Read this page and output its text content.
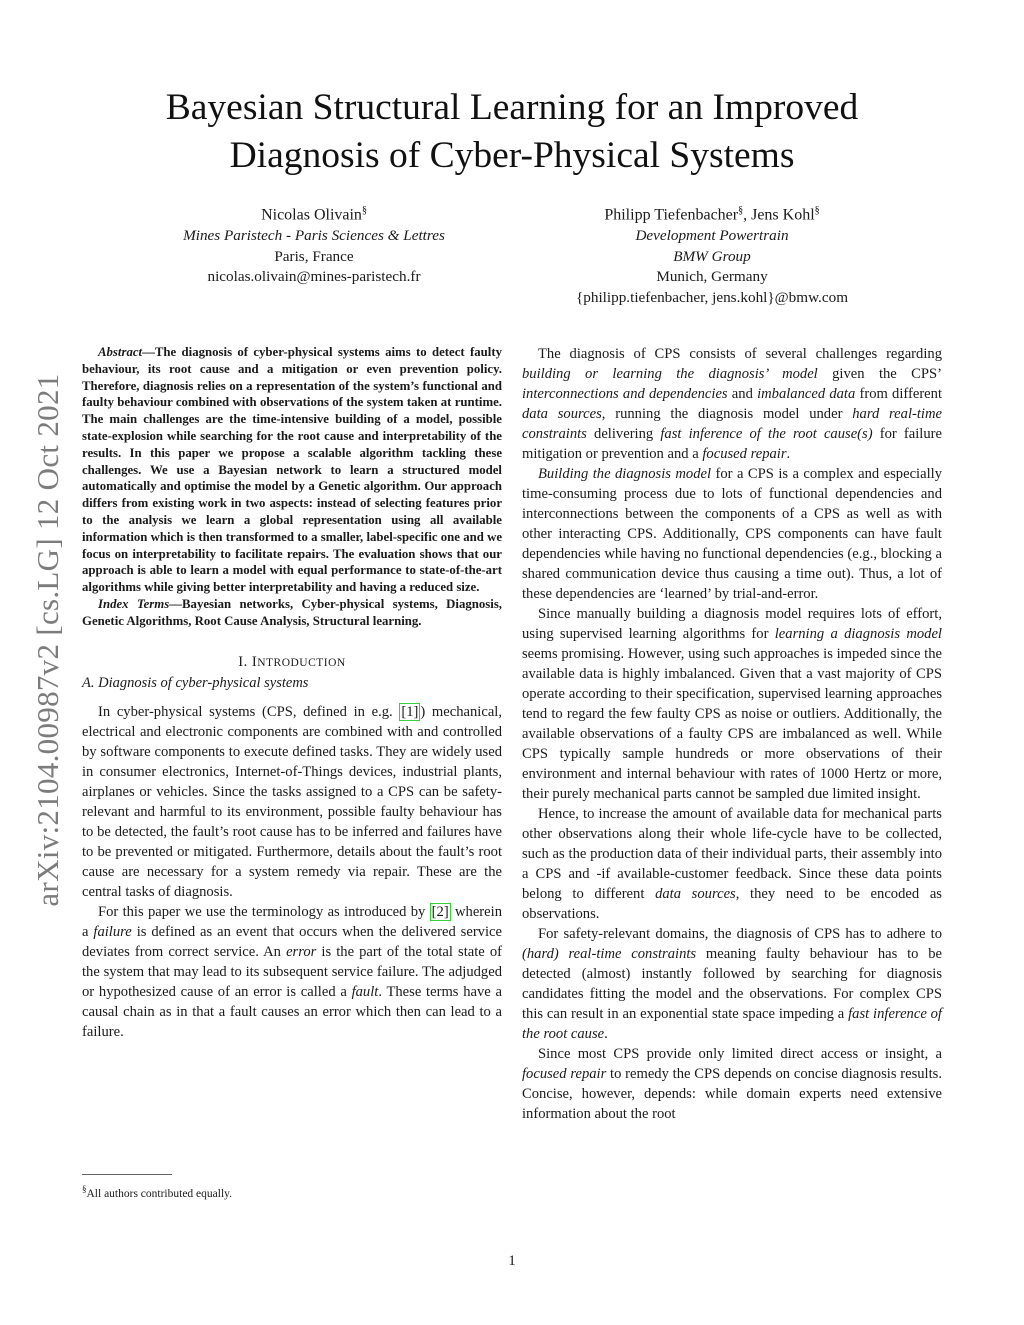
Bayesian Structural Learning for an Improved
Diagnosis of Cyber-Physical Systems
Nicolas Olivain§
Mines Paristech - Paris Sciences & Lettres
Paris, France
nicolas.olivain@mines-paristech.fr
Philipp Tiefenbacher§, Jens Kohl§
Development Powertrain
BMW Group
Munich, Germany
{philipp.tiefenbacher, jens.kohl}@bmw.com
arXiv:2104.00987v2 [cs.LG] 12 Oct 2021

Abstract—The diagnosis of cyber-physical systems aims to detect faulty behaviour, its root cause and a mitigation or even prevention policy. Therefore, diagnosis relies on a representation of the system’s functional and faulty behaviour combined with observations of the system taken at runtime. The main challenges are the time-intensive building of a model, possible state-explosion while searching for the root cause and interpretability of the results. In this paper we propose a scalable algorithm tackling these challenges. We use a Bayesian network to learn a structured model automatically and optimise the model by a Genetic algorithm. Our approach differs from existing work in two aspects: instead of selecting features prior to the analysis we learn a global representation using all available information which is then transformed to a smaller, label-specific one and we focus on interpretability to facilitate repairs. The evaluation shows that our approach is able to learn a model with equal performance to state-of-the-art algorithms while giving better interpretability and having a reduced size.

Index Terms—Bayesian networks, Cyber-physical systems, Diagnosis, Genetic Algorithms, Root Cause Analysis, Structural learning.

I. INTRODUCTION
A. Diagnosis of cyber-physical systems

In cyber-physical systems (CPS, defined in e.g. [1] ) mechanical, electrical and electronic components are combined with and controlled by software components to execute defined tasks. They are widely used in consumer electronics, Internet-of-Things devices, industrial plants, airplanes or vehicles. Since the tasks assigned to a CPS can be safety-relevant and harmful to its environment, possible faulty behaviour has to be detected, the fault’s root cause has to be inferred and failures have to be prevented or mitigated. Furthermore, details about the fault’s root cause are necessary for a system remedy via repair. These are the central tasks of diagnosis.

For this paper we use the terminology as introduced by [2] wherein a failure is defined as an event that occurs when the delivered service deviates from correct service. An error is the part of the total state of the system that may lead to its subsequent service failure. The adjudged or hypothesized cause of an error is called a fault. These terms have a causal chain as in that a fault causes an error which then can lead to a failure.

The diagnosis of CPS consists of several challenges regarding building or learning the diagnosis’ model given the CPS’ interconnections and dependencies and imbalanced data from different data sources, running the diagnosis model under hard real-time constraints delivering fast inference of the root cause(s) for failure mitigation or prevention and a focused repair.

Building the diagnosis model for a CPS is a complex and especially time-consuming process due to lots of functional dependencies and interconnections between the components of a CPS as well as with other interacting CPS. Additionally, CPS components can have fault dependencies while having no functional dependencies (e.g., blocking a shared communication device thus causing a time out). Thus, a lot of these dependencies are ‘learned’ by trial-and-error.

Since manually building a diagnosis model requires lots of effort, using supervised learning algorithms for learning a diagnosis model seems promising. However, using such approaches is impeded since the available data is highly imbalanced. Given that a vast majority of CPS operate according to their specification, supervised learning approaches tend to regard the few faulty CPS as noise or outliers. Additionally, the available observations of a faulty CPS are imbalanced as well. While CPS typically sample hundreds or more observations of their environment and internal behaviour with rates of 1000 Hertz or more, their purely mechanical parts cannot be sampled due limited insight.

Hence, to increase the amount of available data for mechanical parts other observations along their whole life-cycle have to be collected, such as the production data of their individual parts, their assembly into a CPS and -if available-customer feedback. Since these data points belong to different data sources, they need to be encoded as observations.

For safety-relevant domains, the diagnosis of CPS has to adhere to (hard) real-time constraints meaning faulty behaviour has to be detected (almost) instantly followed by searching for diagnosis candidates fitting the model and the observations. For complex CPS this can result in an exponential state space impeding a fast inference of the root cause.

Since most CPS provide only limited direct access or insight, a focused repair to remedy the CPS depends on concise diagnosis results. Concise, however, depends: while domain experts need extensive information about the root

§All authors contributed equally.
1
